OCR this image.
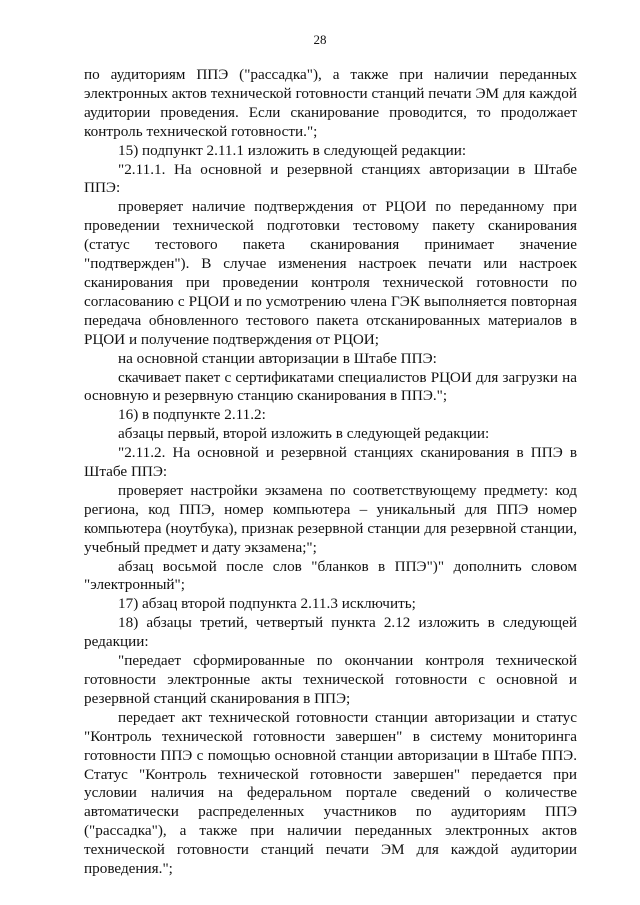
28
по аудиториям ППЭ ("рассадка"), а также при наличии переданных электронных актов технической готовности станций печати ЭМ для каждой аудитории проведения. Если сканирование проводится, то продолжает контроль технической готовности.";
15) подпункт 2.11.1 изложить в следующей редакции:
"2.11.1. На основной и резервной станциях авторизации в Штабе ППЭ:
проверяет наличие подтверждения от РЦОИ по переданному при проведении технической подготовки тестовому пакету сканирования (статус тестового пакета сканирования принимает значение "подтвержден"). В случае изменения настроек печати или настроек сканирования при проведении контроля технической готовности по согласованию с РЦОИ и по усмотрению члена ГЭК выполняется повторная передача обновленного тестового пакета отсканированных материалов в РЦОИ и получение подтверждения от РЦОИ;
на основной станции авторизации в Штабе ППЭ:
скачивает пакет с сертификатами специалистов РЦОИ для загрузки на основную и резервную станцию сканирования в ППЭ.";
16) в подпункте 2.11.2:
абзацы первый, второй изложить в следующей редакции:
"2.11.2. На основной и резервной станциях сканирования в ППЭ в Штабе ППЭ:
проверяет настройки экзамена по соответствующему предмету: код региона, код ППЭ, номер компьютера – уникальный для ППЭ номер компьютера (ноутбука), признак резервной станции для резервной станции, учебный предмет и дату экзамена;";
абзац восьмой после слов "бланков в ППЭ")" дополнить словом "электронный";
17) абзац второй подпункта 2.11.3 исключить;
18) абзацы третий, четвертый пункта 2.12 изложить в следующей редакции:
"передает сформированные по окончании контроля технической готовности электронные акты технической готовности с основной и резервной станций сканирования в ППЭ;
передает акт технической готовности станции авторизации и статус "Контроль технической готовности завершен" в систему мониторинга готовности ППЭ с помощью основной станции авторизации в Штабе ППЭ. Статус "Контроль технической готовности завершен" передается при условии наличия на федеральном портале сведений о количестве автоматически распределенных участников по аудиториям ППЭ ("рассадка"), а также при наличии переданных электронных актов технической готовности станций печати ЭМ для каждой аудитории проведения.";
